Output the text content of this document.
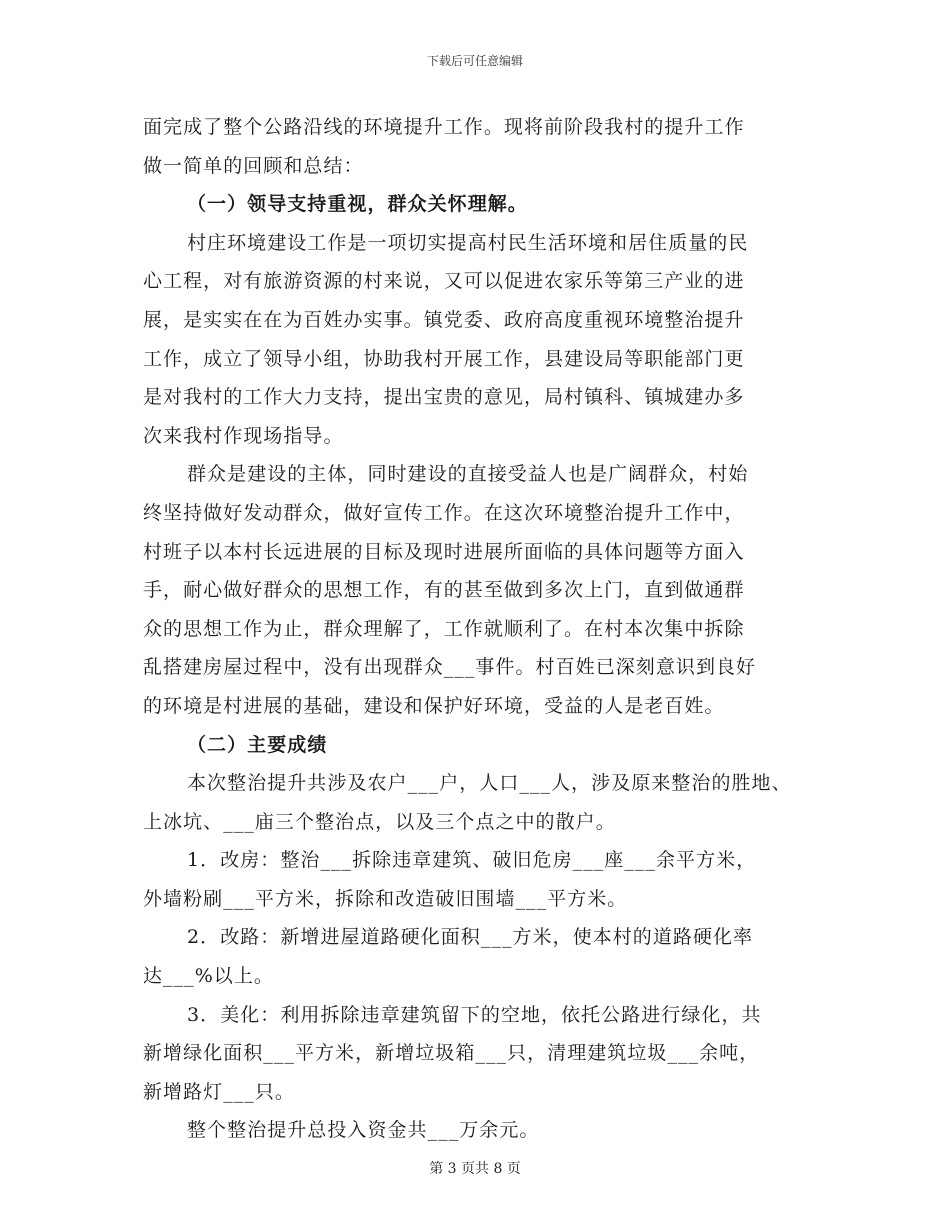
下载后可任意编辑
面完成了整个公路沿线的环境提升工作。现将前阶段我村的提升工作
做一简单的回顾和总结：
（一）领导支持重视，群众关怀理解。
村庄环境建设工作是一项切实提高村民生活环境和居住质量的民
心工程，对有旅游资源的村来说，又可以促进农家乐等第三产业的进
展，是实实在在为百姓办实事。镇党委、政府高度重视环境整治提升
工作，成立了领导小组，协助我村开展工作，县建设局等职能部门更
是对我村的工作大力支持，提出宝贵的意见，局村镇科、镇城建办多
次来我村作现场指导。
群众是建设的主体，同时建设的直接受益人也是广阔群众，村始
终坚持做好发动群众，做好宣传工作。在这次环境整治提升工作中，
村班子以本村长远进展的目标及现时进展所面临的具体问题等方面入
手，耐心做好群众的思想工作，有的甚至做到多次上门，直到做通群
众的思想工作为止，群众理解了，工作就顺利了。在村本次集中拆除
乱搭建房屋过程中，没有出现群众___事件。村百姓已深刻意识到良好
的环境是村进展的基础，建设和保护好环境，受益的人是老百姓。
（二）主要成绩
本次整治提升共涉及农户___户，人口___人，涉及原来整治的胜地、
上冰坑、___庙三个整治点，以及三个点之中的散户。
1．改房：整治___拆除违章建筑、破旧危房___座___余平方米，
外墙粉刷___平方米，拆除和改造破旧围墙___平方米。
2．改路：新增进屋道路硬化面积___方米，使本村的道路硬化率
达___%以上。
3．美化：利用拆除违章建筑留下的空地，依托公路进行绿化，共
新增绿化面积___平方米，新增垃圾箱___只，清理建筑垃圾___余吨，
新增路灯___只。
整个整治提升总投入资金共___万余元。
第 3 页共 8 页
